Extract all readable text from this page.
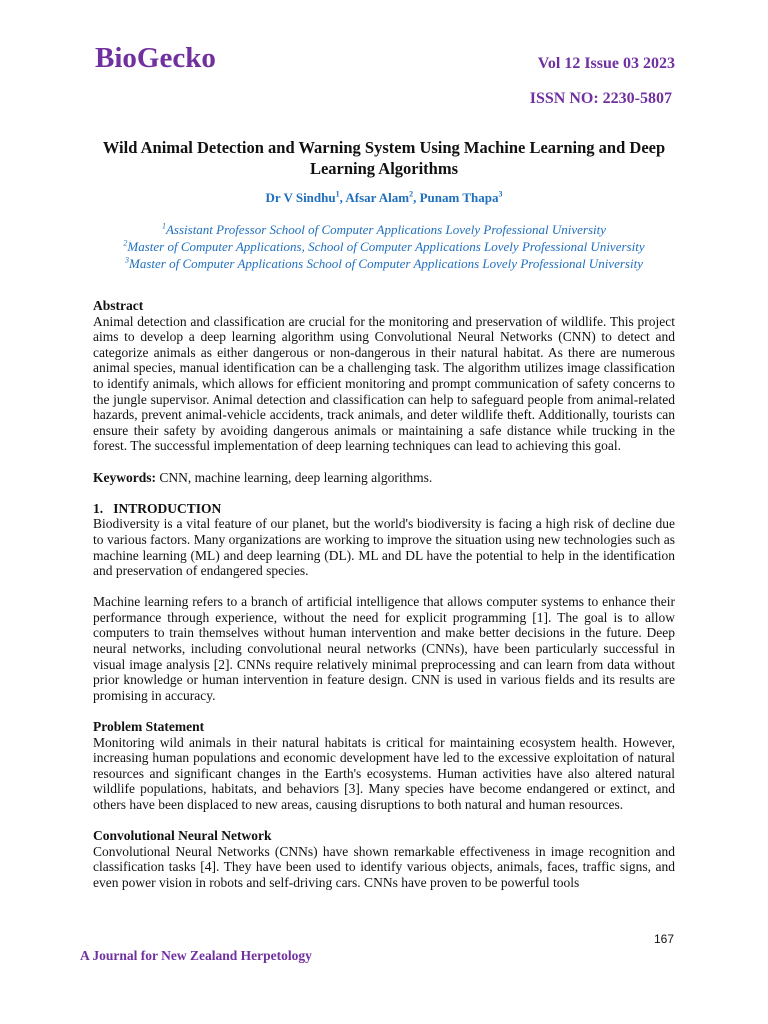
BioGecko	Vol 12 Issue 03 2023
ISSN NO: 2230-5807
Wild Animal Detection and Warning System Using Machine Learning and Deep Learning Algorithms
Dr V Sindhu$^1$, Afsar Alam$^2$, Punam Thapa$^3$
$^1$Assistant Professor School of Computer Applications Lovely Professional University
$^2$Master of Computer Applications, School of Computer Applications Lovely Professional University
$^3$Master of Computer Applications School of Computer Applications Lovely Professional University
Abstract

Animal detection and classification are crucial for the monitoring and preservation of wildlife. This project aims to develop a deep learning algorithm using Convolutional Neural Networks (CNN) to detect and categorize animals as either dangerous or non-dangerous in their natural habitat. As there are numerous animal species, manual identification can be a challenging task. The algorithm utilizes image classification to identify animals, which allows for efficient monitoring and prompt communication of safety concerns to the jungle supervisor. Animal detection and classification can help to safeguard people from animal-related hazards, prevent animal-vehicle accidents, track animals, and deter wildlife theft. Additionally, tourists can ensure their safety by avoiding dangerous animals or maintaining a safe distance while trucking in the forest. The successful implementation of deep learning techniques can lead to achieving this goal.

Keywords: CNN, machine learning, deep learning algorithms.

1.   INTRODUCTION

Biodiversity is a vital feature of our planet, but the world's biodiversity is facing a high risk of decline due to various factors. Many organizations are working to improve the situation using new technologies such as machine learning (ML) and deep learning (DL). ML and DL have the potential to help in the identification and preservation of endangered species.

Machine learning refers to a branch of artificial intelligence that allows computer systems to enhance their performance through experience, without the need for explicit programming [1]. The goal is to allow computers to train themselves without human intervention and make better decisions in the future. Deep neural networks, including convolutional neural networks (CNNs), have been particularly successful in visual image analysis [2]. CNNs require relatively minimal preprocessing and can learn from data without prior knowledge or human intervention in feature design. CNN is used in various fields and its results are promising in accuracy.

Problem Statement

Monitoring wild animals in their natural habitats is critical for maintaining ecosystem health. However, increasing human populations and economic development have led to the excessive exploitation of natural resources and significant changes in the Earth's ecosystems. Human activities have also altered natural wildlife populations, habitats, and behaviors [3]. Many species have become endangered or extinct, and others have been displaced to new areas, causing disruptions to both natural and human resources.

Convolutional Neural Network

Convolutional Neural Networks (CNNs) have shown remarkable effectiveness in image recognition and classification tasks [4]. They have been used to identify various objects, animals, faces, traffic signs, and even power vision in robots and self-driving cars. CNNs have proven to be powerful tools

167
A Journal for New Zealand Herpetology
